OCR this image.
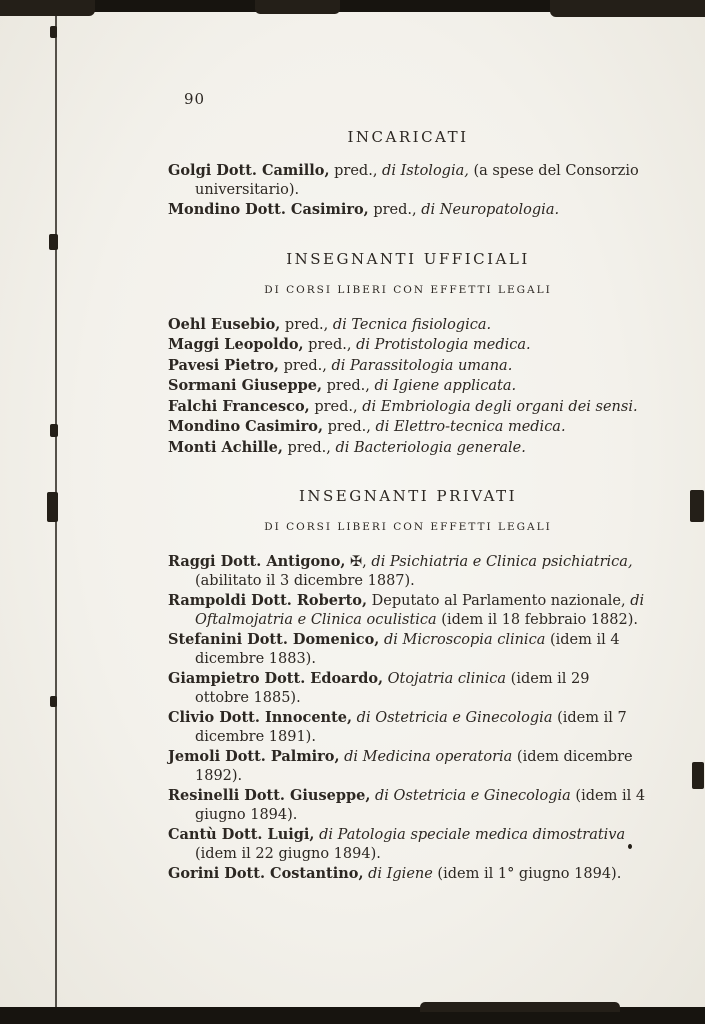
90
INCARICATI

Golgi Dott. Camillo, pred., di Istologia, (a spese del Consorzio universitario).

Mondino Dott. Casimiro, pred., di Neuropatologia.

INSEGNANTI UFFICIALI
DI CORSI LIBERI CON EFFETTI LEGALI

Oehl Eusebio, pred., di Tecnica fisiologica.

Maggi Leopoldo, pred., di Protistologia medica.

Pavesi Pietro, pred., di Parassitologia umana.

Sormani Giuseppe, pred., di Igiene applicata.

Falchi Francesco, pred., di Embriologia degli organi dei sensi.

Mondino Casimiro, pred., di Elettro-tecnica medica.

Monti Achille, pred., di Bacteriologia generale.

INSEGNANTI PRIVATI
DI CORSI LIBERI CON EFFETTI LEGALI

Raggi Dott. Antigono, ✠, di Psichiatria e Clinica psichiatrica, (abilitato il 3 dicembre 1887).

Rampoldi Dott. Roberto, Deputato al Parlamento nazionale, di Oftalmojatria e Clinica oculistica (idem il 18 febbraio 1882).

Stefanini Dott. Domenico, di Microscopia clinica (idem il 4 dicembre 1883).

Giampietro Dott. Edoardo, Otojatria clinica (idem il 29 ottobre 1885).

Clivio Dott. Innocente, di Ostetricia e Ginecologia (idem il 7 dicembre 1891).

Jemoli Dott. Palmiro, di Medicina operatoria (idem dicembre 1892).

Resinelli Dott. Giuseppe, di Ostetricia e Ginecologia (idem il 4 giugno 1894).

Cantù Dott. Luigi, di Patologia speciale medica dimostrativa (idem il 22 giugno 1894).

Gorini Dott. Costantino, di Igiene (idem il 1° giugno 1894).
